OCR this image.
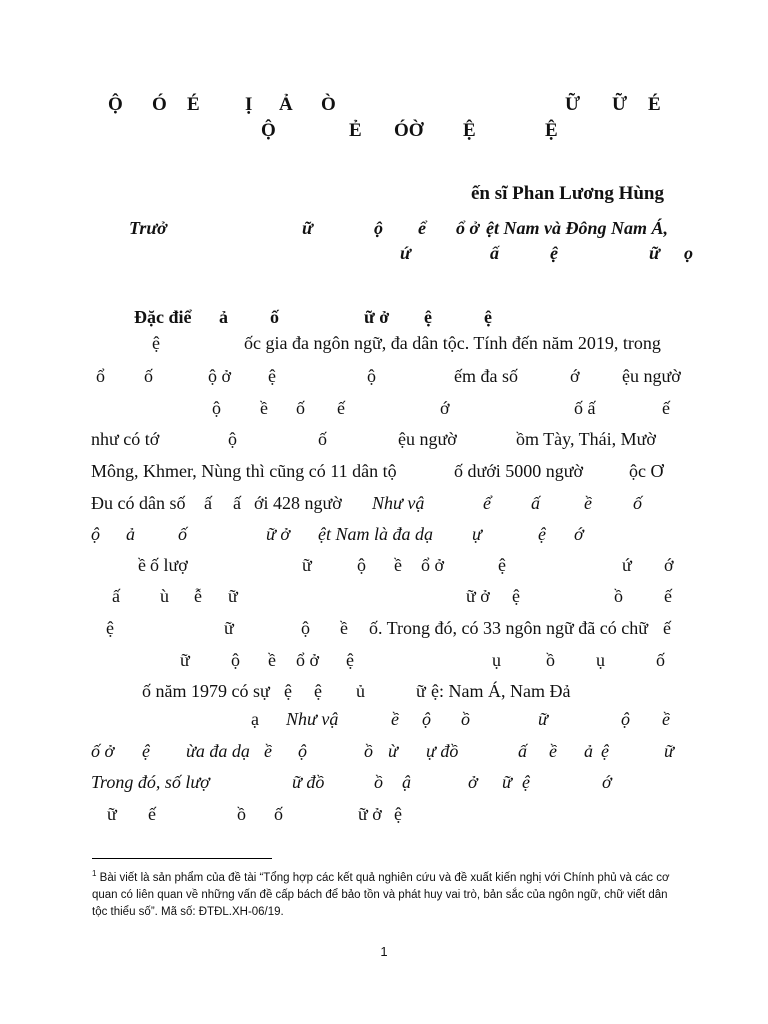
Ộ Ó É Ị Ả Ò	Ữ Ữ É
Ộ	Ẻ ÓỜ Ệ	Ệ
ến sĩ Phan Lương Hùng
Trưở	ữ	ộ ể ổ ở ệt Nam và Đông Nam Á,
ứ	ấ	ệ	ữ ọ
Đặc điể ả ố	ữ ở ệ	ệ
ệ	ốc gia đa ngôn ngữ, đa dân tộc. Tính đến năm 2019, trong
ổ ố	ộ ở ệ	ộ	ếm đa số	ớ ệu ngườ
ộ ề ố ế	ớ	ố ấ	ế
như có tớ	ộ	ố	ệu ngườ	ồm Tày, Thái, Mườ
Mông, Khmer, Nùng thì cũng có 11 dân tộ	ố dưới 5000 ngườ	ộc Ơ
Đu có dân số ấ ấ ới 428 ngườ Như vậ	ể ấ ề ố
ộ ả ố	ữ ở ệt Nam là đa dạ ự	ệ ớ
ề ố lượ	ữ	ộ ề ổ ở	ệ	ứ ớ
ấ ù ễ ữ	ữ ở ệ	ồ ế
ệ	ữ	ộ ề ố. Trong đó, có 33 ngôn ngữ đã có chữ ế
ữ ộ ề ổ ở ệ	ụ	ồ ụ	ố
ố năm 1979 có sự ệ ệ ủ	ữ ệ: Nam Á, Nam Đả
ạ Như vậ	ề ộ ồ	ữ	ộ ề
ố ở ệ ừa đa dạ ề ộ	ồ ừ ự đồ	ấ ề ả ệ	ữ
Trong đó, số lượ	ữ đồ	ồ ậ	ở ữ ệ	ớ
ữ ế	ồ ố	ữ ở ệ
$^1$ Bài viết là sản phẩm của đề tài “Tổng hợp các kết quả nghiên cứu và đề xuất kiến nghị với Chính phủ và các cơ quan có liên quan về những vấn đề cấp bách để bảo tồn và phát huy vai trò, bản sắc của ngôn ngữ, chữ viết dân tộc thiểu số”. Mã số: ĐTĐL.XH-06/19.
1
